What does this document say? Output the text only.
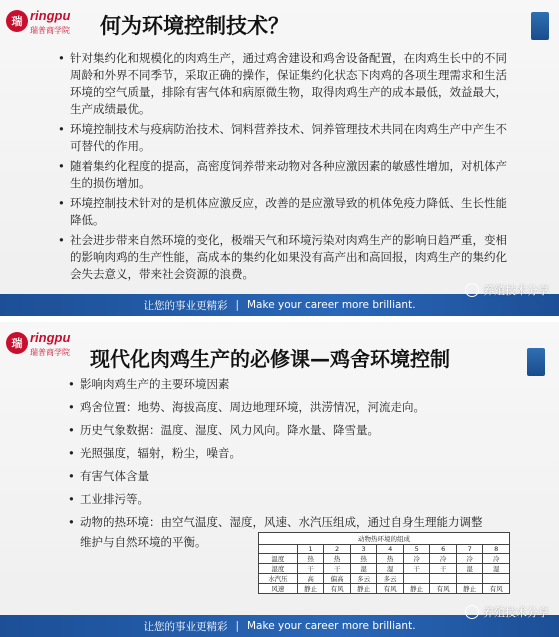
瑞 ringpu
瑞普商学院 何为环境控制技术？
• 针对集约化和规模化的肉鸡生产，通过鸡舍建设和鸡舍设备配置，在肉鸡生长中的不同周龄和外界不同季节，采取正确的操作，保证集约化状态下肉鸡的各项生理需求和生活环境的空气质量，排除有害气体和病原微生物，取得肉鸡生产的成本最低，效益最大，生产成绩最优。
• 环境控制技术与疫病防治技术、饲料营养技术、饲养管理技术共同在肉鸡生产中产生不可替代的作用。
• 随着集约化程度的提高，高密度饲养带来动物对各种应激因素的敏感性增加，对机体产生的损伤增加。
• 环境控制技术针对的是机体应激反应，改善的是应激导致的机体免疫力降低、生长性能降低。
• 社会进步带来自然环境的变化，极端天气和环境污染对肉鸡生产的影响日趋严重，变相的影响肉鸡的生产性能，高成本的集约化如果没有高产出和高回报，肉鸡生产的集约化会失去意义，带来社会资源的浪费。
让您的事业更精彩 | Make your career more brilliant.
养殖技术分享
瑞 ringpu
瑞普商学院 现代化肉鸡生产的必修课—鸡舍环境控制
• 影响肉鸡生产的主要环境因素
• 鸡舍位置：地势、海拔高度、周边地理环境，洪涝情况，河流走向。
• 历史气象数据：温度、湿度、风力风向。降水量、降雪量。
• 光照强度，辐射，粉尘，噪音。
• 有害气体含量
• 工业排污等。
• 动物的热环境：由空气温度、湿度，风速、水汽压组成，通过自身生理能力调整维护与自然环境的平衡。	动物热环境的组成
	1	2	3	4	5	6	7	8
温度	热	热	热	热	冷	冷	冷	冷
湿度	干	干	湿	湿	干	干	湿	湿
水汽压	高	偏高	多云	多云				
风速	静止	有风	静止	有风	静止	有风	静止	有风
让您的事业更精彩 | Make your career more brilliant.
养殖技术分享
